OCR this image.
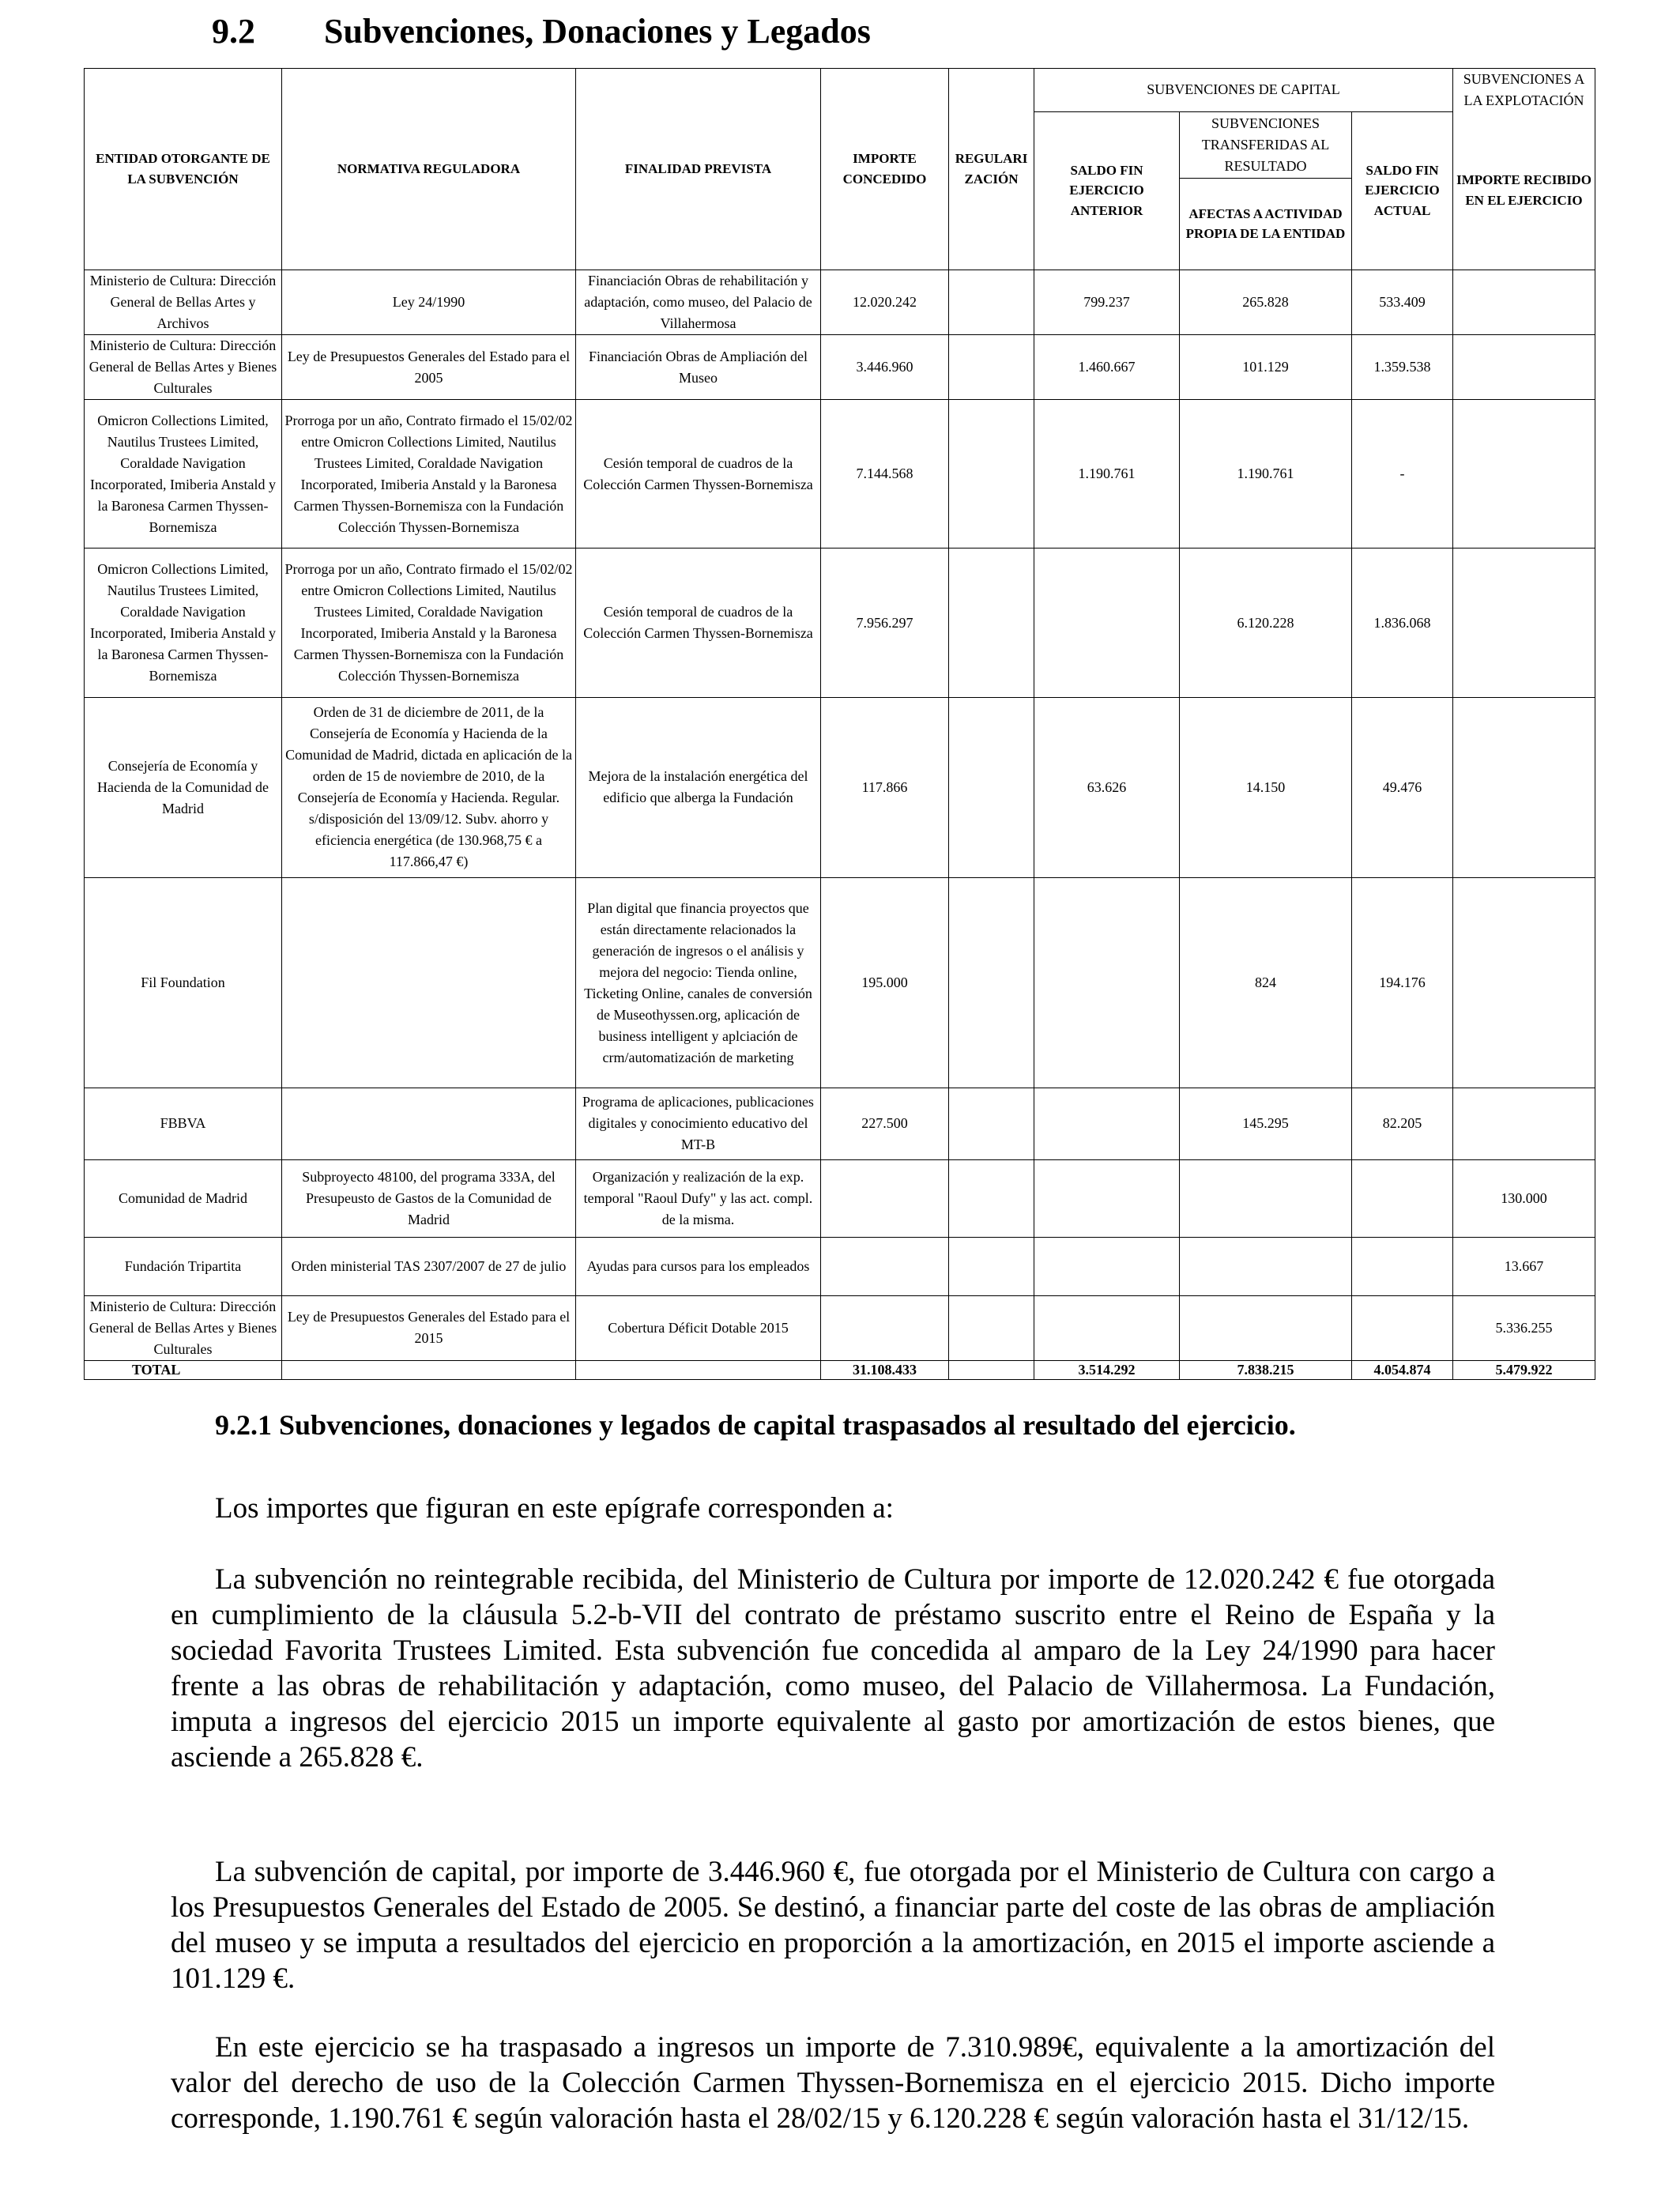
9.2 Subvenciones, Donaciones y Legados
ENTIDAD OTORGANTE DE LA SUBVENCIÓN	NORMATIVA REGULADORA	FINALIDAD PREVISTA	IMPORTE CONCEDIDO	REGULARI ZACIÓN	SUBVENCIONES DE CAPITAL			SUBVENCIONES A LA EXPLOTACIÓN
					SALDO FIN EJERCICIO ANTERIOR	SUBVENCIONES TRANSFERIDAS AL RESULTADO	SALDO FIN EJERCICIO ACTUAL	IMPORTE RECIBIDO EN EL EJERCICIO
						AFECTAS A ACTIVIDAD PROPIA DE LA ENTIDAD		
Ministerio de Cultura: Dirección General de Bellas Artes y Archivos	Ley 24/1990	Financiación Obras de rehabilitación y adaptación, como museo, del Palacio de Villahermosa	12.020.242		799.237	265.828	533.409	
Ministerio de Cultura: Dirección General de Bellas Artes y Bienes Culturales	Ley de Presupuestos Generales del Estado para el 2005	Financiación Obras de Ampliación del Museo	3.446.960		1.460.667	101.129	1.359.538	
Omicron Collections Limited, Nautilus Trustees Limited, Coraldade Navigation Incorporated, Imiberia Anstald y la Baronesa Carmen Thyssen-Bornemisza	Prorroga por un año, Contrato firmado el 15/02/02 entre Omicron Collections Limited, Nautilus Trustees Limited, Coraldade Navigation Incorporated, Imiberia Anstald y la Baronesa Carmen Thyssen-Bornemisza con la Fundación Colección Thyssen-Bornemisza	Cesión temporal de cuadros de la Colección Carmen Thyssen-Bornemisza	7.144.568		1.190.761	1.190.761	-	
Omicron Collections Limited, Nautilus Trustees Limited, Coraldade Navigation Incorporated, Imiberia Anstald y la Baronesa Carmen Thyssen-Bornemisza	Prorroga por un año, Contrato firmado el 15/02/02 entre Omicron Collections Limited, Nautilus Trustees Limited, Coraldade Navigation Incorporated, Imiberia Anstald y la Baronesa Carmen Thyssen-Bornemisza con la Fundación Colección Thyssen-Bornemisza	Cesión temporal de cuadros de la Colección Carmen Thyssen-Bornemisza	7.956.297			6.120.228	1.836.068	
Consejería de Economía y Hacienda de la Comunidad de Madrid	Orden de 31 de diciembre de 2011, de la Consejería de Economía y Hacienda de la Comunidad de Madrid, dictada en aplicación de la orden de 15 de noviembre de 2010, de la Consejería de Economía y Hacienda. Regular. s/disposición del 13/09/12. Subv. ahorro y eficiencia energética (de 130.968,75 € a 117.866,47 €)	Mejora de la instalación energética del edificio que alberga la Fundación	117.866		63.626	14.150	49.476	
Fil Foundation		Plan digital que financia proyectos que están directamente relacionados la generación de ingresos o el análisis y mejora del negocio: Tienda online, Ticketing Online, canales de conversión de Museothyssen.org, aplicación de business intelligent y aplciación de crm/automatización de marketing	195.000			824	194.176	
FBBVA		Programa de aplicaciones, publicaciones digitales y conocimiento educativo del MT-B	227.500			145.295	82.205	
Comunidad de Madrid	Subproyecto 48100, del programa 333A, del Presupeusto de Gastos de la Comunidad de Madrid	Organización y realización de la exp. temporal "Raoul Dufy" y las act. compl. de la misma.						130.000
Fundación Tripartita	Orden ministerial TAS 2307/2007 de 27 de julio	Ayudas para cursos para los empleados						13.667
Ministerio de Cultura: Dirección General de Bellas Artes y Bienes Culturales	Ley de Presupuestos Generales del Estado para el 2015	Cobertura Déficit Dotable 2015						5.336.255
TOTAL			31.108.433		3.514.292	7.838.215	4.054.874	5.479.922
9.2.1 Subvenciones, donaciones y legados de capital traspasados al resultado del ejercicio.

Los importes que figuran en este epígrafe corresponden a:

La subvención no reintegrable recibida, del Ministerio de Cultura por importe de 12.020.242 € fue otorgada en cumplimiento de la cláusula 5.2-b-VII del contrato de préstamo suscrito entre el Reino de España y la sociedad Favorita Trustees Limited. Esta subvención fue concedida al amparo de la Ley 24/1990 para hacer frente a las obras de rehabilitación y adaptación, como museo, del Palacio de Villahermosa. La Fundación, imputa a ingresos del ejercicio 2015 un importe equivalente al gasto por amortización de estos bienes, que asciende a 265.828 €.

La subvención de capital, por importe de 3.446.960 €, fue otorgada por el Ministerio de Cultura con cargo a los Presupuestos Generales del Estado de 2005. Se destinó, a financiar parte del coste de las obras de ampliación del museo y se imputa a resultados del ejercicio en proporción a la amortización, en 2015 el importe asciende a 101.129 €.

En este ejercicio se ha traspasado a ingresos un importe de 7.310.989€, equivalente a la amortización del valor del derecho de uso de la Colección Carmen Thyssen-Bornemisza en el ejercicio 2015. Dicho importe corresponde, 1.190.761 € según valoración hasta el 28/02/15 y 6.120.228 € según valoración hasta el 31/12/15.
